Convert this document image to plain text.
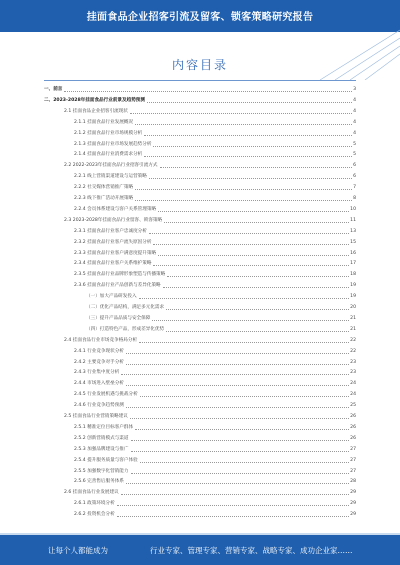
挂面食品企业招客引流及留客、锁客策略研究报告
内容目录
一、前言	3
二、2023-2028年挂面食品行业前景及趋势预测	4
2.1 挂面食品企业招客引流现状	4
2.1.1 挂面食品行业发展概况	4
2.1.2 挂面食品行业市场规模分析	4
2.1.3 挂面食品行业市场发展趋势分析	5
2.1.4 挂面食品行业消费需求分析	5
2.2 2022-2023年挂面食品行业招客引流方式	6
2.2.1 线上营销渠道建设与运营策略	6
2.2.2 社交媒体营销推广策略	7
2.2.3 线下推广活动开展策略	8
2.2.4 会员体系建设与客户关系管理策略	10
2.3 2023-2028年挂面食品行业留客、锁客策略	11
2.3.1 挂面食品行业客户忠诚度分析	13
2.3.2 挂面食品行业客户流失原因分析	15
2.3.3 挂面食品行业客户满意度提升策略	16
2.3.4 挂面食品行业客户关系维护策略	17
2.3.5 挂面食品行业品牌形象塑造与传播策略	18
2.3.6 挂面食品行业产品创新与差异化策略	19
（一）加大产品研发投入	19
（二）优化产品结构，满足多元化需求	20
（三）提升产品品质与安全保障	21
（四）打造特色产品，形成差异化优势	21
2.4 挂面食品行业市场竞争格局分析	22
2.4.1 行业竞争现状分析	22
2.4.2 主要竞争对手分析	23
2.4.3 行业集中度分析	23
2.4.4 市场进入壁垒分析	24
2.4.5 行业发展机遇与挑战分析	24
2.4.6 行业竞争趋势预测	25
2.5 挂面食品行业营销策略建议	26
2.5.1 精准定位目标客户群体	26
2.5.2 创新营销模式与渠道	26
2.5.3 加强品牌建设与推广	27
2.5.4 提升服务质量与客户体验	27
2.5.5 加强数字化营销能力	27
2.5.6 完善售后服务体系	28
2.6 挂面食品行业发展建议	29
2.6.1 政策环境分析	29
2.6.2 投资机会分析	29
让每个人都能成为	行业专家、管理专家、营销专家、战略专家、成功企业家……
